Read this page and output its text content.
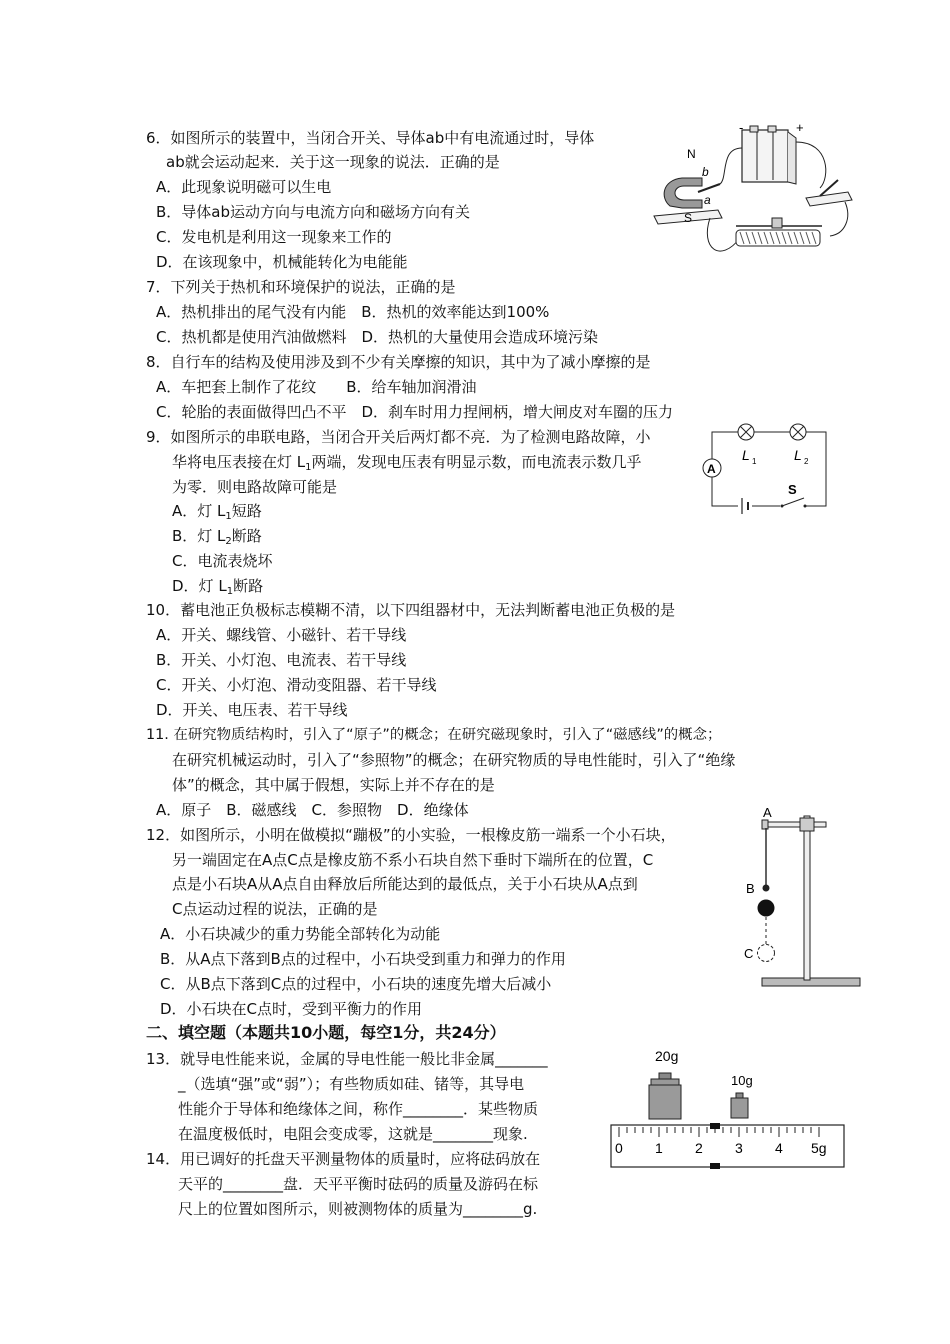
6．如图所示的装置中，当闭合开关、导体ab中有电流通过时，导体
ab就会运动起来．关于这一现象的说法．正确的是
A．此现象说明磁可以生电
B．导体ab运动方向与电流方向和磁场方向有关
C．发电机是利用这一现象来工作的
D．在该现象中，机械能转化为电能能
-	+
N
S
b
a
7．下列关于热机和环境保护的说法，正确的是
A．热机排出的尾气没有内能　B．热机的效率能达到100%
C．热机都是使用汽油做燃料　D．热机的大量使用会造成环境污染
8．自行车的结构及使用涉及到不少有关摩擦的知识，其中为了减小摩擦的是
A．车把套上制作了花纹　　B．给车轴加润滑油
C．轮胎的表面做得凹凸不平　D．刹车时用力捏闸柄，增大闸皮对车圈的压力
9．如图所示的串联电路，当闭合开关后两灯都不亮．为了检测电路故障，小
华将电压表接在灯 $L_1$两端，发现电压表有明显示数，而电流表示数几乎
为零．则电路故障可能是
A．灯 $L_1$短路
B．灯 $L_2$断路
C．电流表烧坏
D．灯 $L_1$断路
L 1	L 2
A
S
10．蓄电池正负极标志模糊不清，以下四组器材中，无法判断蓄电池正负极的是
A．开关、螺线管、小磁针、若干导线
B．开关、小灯泡、电流表、若干导线
C．开关、小灯泡、滑动变阻器、若干导线
D．开关、电压表、若干导线
11. 在研究物质结构时，引入了“原子”的概念；在研究磁现象时，引入了“磁感线”的概念；
在研究机械运动时，引入了“参照物”的概念；在研究物质的导电性能时，引入了“绝缘
体”的概念，其中属于假想，实际上并不存在的是
A．原子　B．磁感线　C．参照物　D．绝缘体
12．如图所示，小明在做模拟“蹦极”的小实验，一根橡皮筋一端系一个小石块，
另一端固定在A点C点是橡皮筋不系小石块自然下垂时下端所在的位置，C
点是小石块A从A点自由释放后所能达到的最低点，关于小石块从A点到
C点运动过程的说法，正确的是
A．小石块减少的重力势能全部转化为动能
B．从A点下落到B点的过程中，小石块受到重力和弹力的作用
C．从B点下落到C点的过程中，小石块的速度先增大后减小
D．小石块在C点时，受到平衡力的作用
A
B
C
二、填空题（本题共10小题，每空1分，共24分）
13．就导电性能来说，金属的导电性能一般比非金属_______
_（选填“强”或“弱”）；有些物质如硅、锗等，其导电
性能介于导体和绝缘体之间，称作________．某些物质
在温度极低时，电阻会变成零，这就是________现象.
14．用已调好的托盘天平测量物体的质量时，应将砝码放在
天平的________盘．天平平衡时砝码的质量及游码在标
尺上的位置如图所示，则被测物体的质量为________g.
20g
10g
0 1 2 3 4 5g
